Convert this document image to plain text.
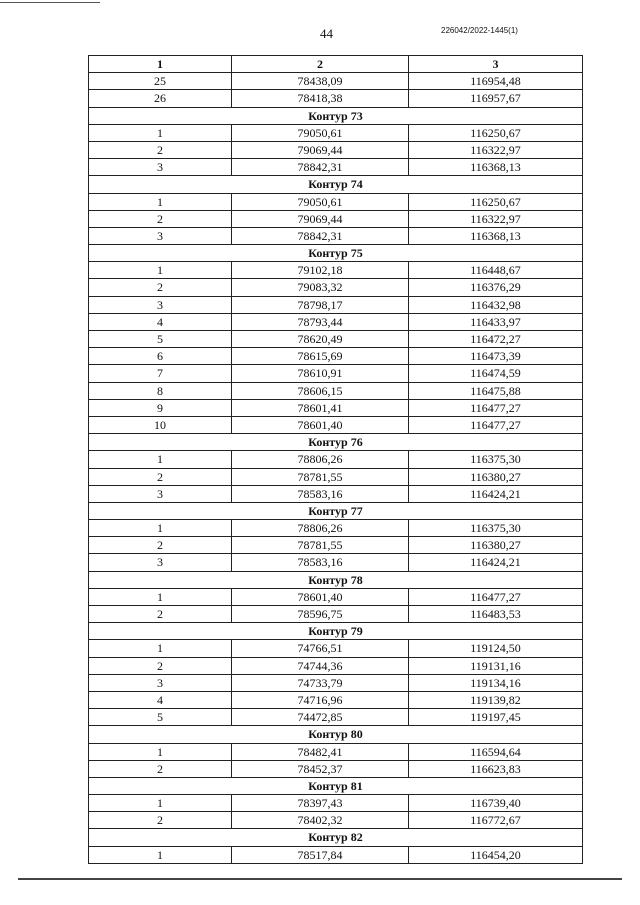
44	226042/2022-1445(1)
1	2	3
25	78438,09	116954,48
26	78418,38	116957,67
Контур 73
1	79050,61	116250,67
2	79069,44	116322,97
3	78842,31	116368,13
Контур 74
1	79050,61	116250,67
2	79069,44	116322,97
3	78842,31	116368,13
Контур 75
1	79102,18	116448,67
2	79083,32	116376,29
3	78798,17	116432,98
4	78793,44	116433,97
5	78620,49	116472,27
6	78615,69	116473,39
7	78610,91	116474,59
8	78606,15	116475,88
9	78601,41	116477,27
10	78601,40	116477,27
Контур 76
1	78806,26	116375,30
2	78781,55	116380,27
3	78583,16	116424,21
Контур 77
1	78806,26	116375,30
2	78781,55	116380,27
3	78583,16	116424,21
Контур 78
1	78601,40	116477,27
2	78596,75	116483,53
Контур 79
1	74766,51	119124,50
2	74744,36	119131,16
3	74733,79	119134,16
4	74716,96	119139,82
5	74472,85	119197,45
Контур 80
1	78482,41	116594,64
2	78452,37	116623,83
Контур 81
1	78397,43	116739,40
2	78402,32	116772,67
Контур 82
1	78517,84	116454,20
